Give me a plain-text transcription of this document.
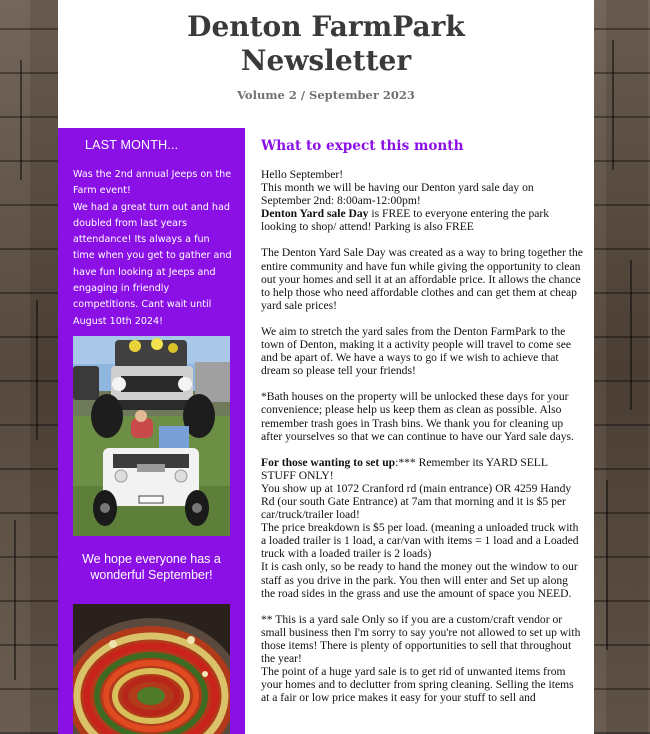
Denton FarmPark
Newsletter
Volume 2 / September 2023
LAST MONTH...

Was the 2nd annual Jeeps on the Farm event!

We had a great turn out and had doubled from last years attendance! Its always a fun time when you get to gather and have fun looking at Jeeps and engaging in friendly competitions. Cant wait until August 10th 2024!

We hope everyone has a wonderful September!
What to expect this month

Hello September!
This month we will be having our Denton yard sale day on September 2nd: 8:00am-12:00pm!
Denton Yard sale Day is FREE to everyone entering the park looking to shop/ attend! Parking is also FREE

The Denton Yard Sale Day was created as a way to bring together the entire community and have fun while giving the opportunity to clean out your homes and sell it at an affordable price. It allows the chance to help those who need affordable clothes and can get them at cheap yard sale prices!

We aim to stretch the yard sales from the Denton FarmPark to the town of Denton, making it a activity people will travel to come see and be apart of. We have a ways to go if we wish to achieve that dream so please tell your friends!

*Bath houses on the property will be unlocked these days for your convenience; please help us keep them as clean as possible. Also remember trash goes in Trash bins. We thank you for cleaning up after yourselves so that we can continue to have our Yard sale days.

For those wanting to set up:*** Remember its YARD SELL STUFF ONLY!
You show up at 1072 Cranford rd (main entrance) OR 4259 Handy Rd (our south Gate Entrance) at 7am that morning and it is $5 per car/truck/trailer load!
The price breakdown is $5 per load. (meaning a unloaded truck with a loaded trailer is 1 load, a car/van with items = 1 load and a Loaded truck with a loaded trailer is 2 loads)
It is cash only, so be ready to hand the money out the window to our staff as you drive in the park. You then will enter and Set up along the road sides in the grass and use the amount of space you NEED.

** This is a yard sale Only so if you are a custom/craft vendor or small business then I'm sorry to say you're not allowed to set up with those items! There is plenty of opportunities to sell that throughout the year!
The point of a huge yard sale is to get rid of unwanted items from your homes and to declutter from spring cleaning. Selling the items at a fair or low price makes it easy for your stuff to sell and
